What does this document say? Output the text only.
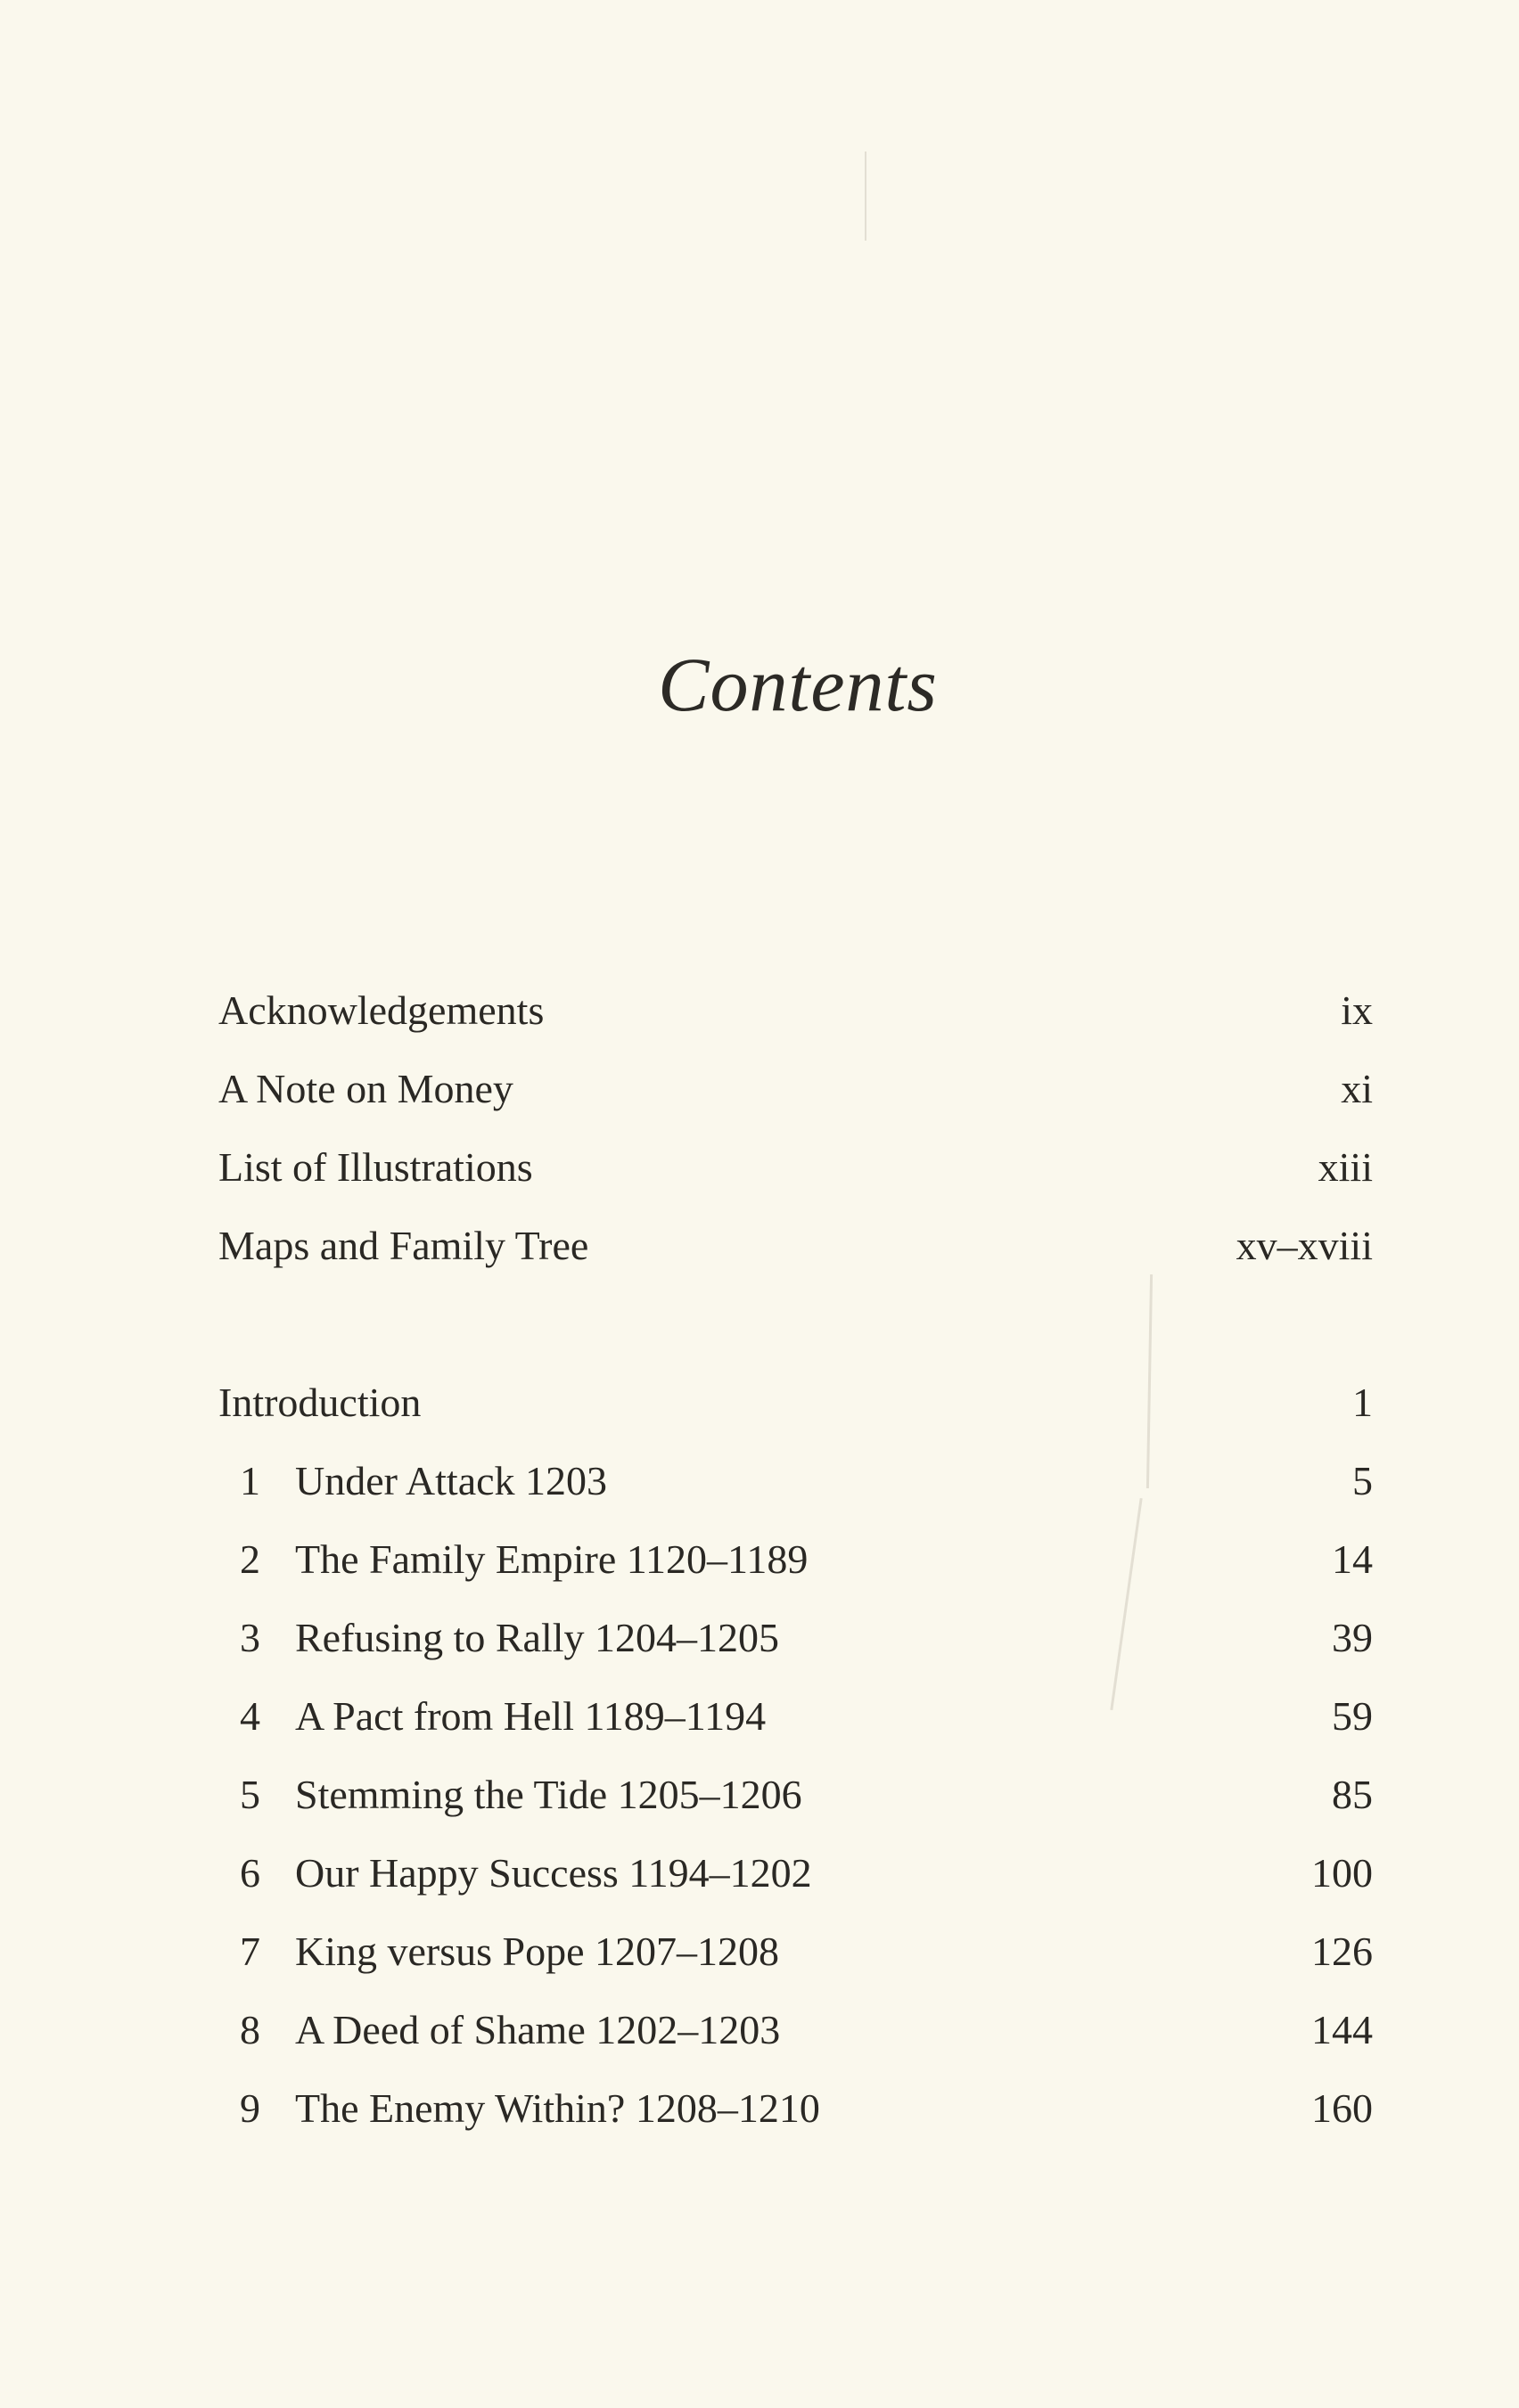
Contents
Acknowledgements	ix
A Note on Money	xi
List of Illustrations	xiii
Maps and Family Tree	xv–xviii
Introduction	1
1 Under Attack 1203	5
2 The Family Empire 1120–1189	14
3 Refusing to Rally 1204–1205	39
4 A Pact from Hell 1189–1194	59
5 Stemming the Tide 1205–1206	85
6 Our Happy Success 1194–1202	100
7 King versus Pope 1207–1208	126
8 A Deed of Shame 1202–1203	144
9 The Enemy Within? 1208–1210	160
